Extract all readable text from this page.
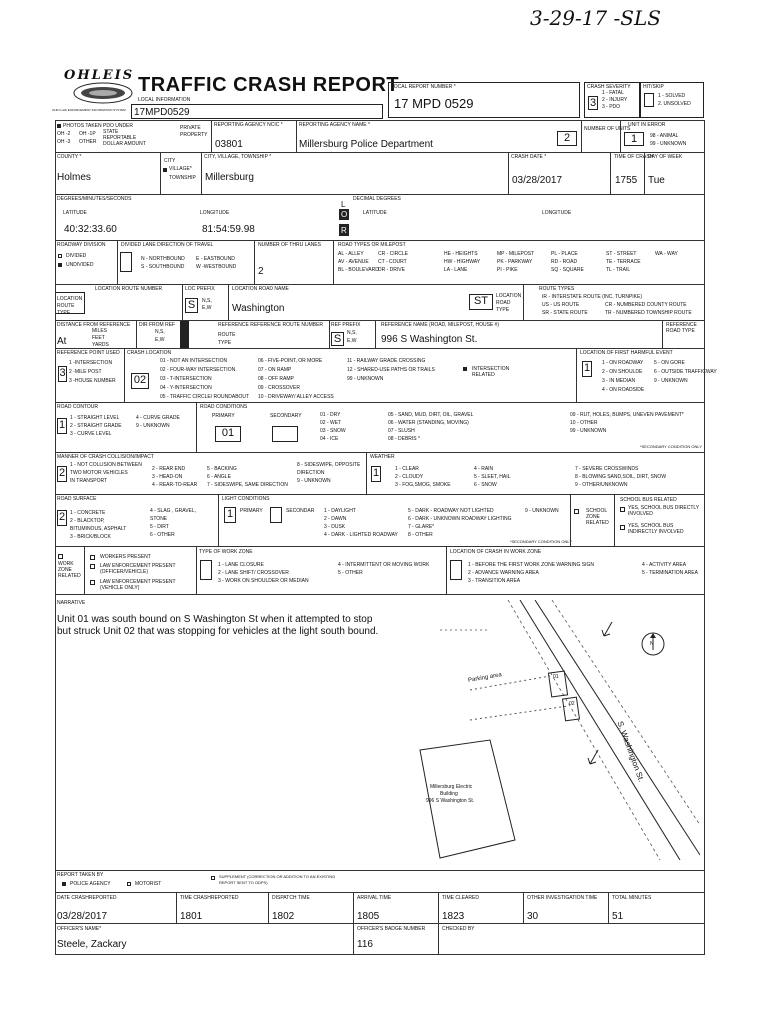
3-29-17 -SLS
OHLEIS
OHIO LAW ENFORCEMENT INFORMATION SYSTEM
TRAFFIC CRASH REPORT
LOCAL INFORMATION
17MPD0529
LOCAL REPORT NUMBER *
17 MPD 0529
CRASH SEVERITY
3
1 - FATAL
2 - INJURY
3 - PDO
HIT/SKIP
1 - SOLVED
2. UNSOLVED
PHOTOS TAKEN
OH -2 OH -1P
OH -3 OTHER
PDO UNDER
STATE
REPORTABLE
DOLLAR AMOUNT
PRIVATE
PROPERTY
REPORTING AGENCY NCIC *
03801
REPORTING AGENCY NAME *
Millersburg Police Department
2
NUMBER OF UNITS
UNIT IN ERROR
1	98 - ANIMAL
99 - UNKNOWN
COUNTY *
Holmes
CITY
VILLAGE*
TOWNSHIP
CITY, VILLAGE, TOWNSHIP *
Millersburg
CRASH DATE *
03/28/2017
TIME OF CRASH
1755
DAY OF WEEK
Tue
DEGREES/MINUTES/SECONDS
LATITUDE
40:32:33.60
LONGITUDE
81:54:59.98
L
O
R
DECIMAL DEGREES
LATITUDE	LONGITUDE
ROADWAY DIVISION
DIVIDED
UNDIVIDED
DIVIDED LANE DIRECTION OF TRAVEL
N - NORTHBOUND
S - SOUTHBOUND
E - EASTBOUND
W -WESTBOUND
NUMBER OF THRU LANES
2
ROAD TYPES OR MILEPOST
AL - ALLEY
AV - AVENUE
BL - BOULEVARD
CR - CIRCLE
CT - COURT
DR - DRIVE
HE - HEIGHTS
HW - HIGHWAY
LA - LANE
MP - MILEPOST
PK - PARKWAY
PI - PIKE
PL - PLACE
RD - ROAD
SQ - SQUARE
ST - STREET
TE - TERRACE
TL - TRAIL
WA - WAY
LOCATION
ROUTE
TYPE
LOCATION ROUTE NUMBER	LOC PREFIX
S	N,S,
E,W
LOCATION ROAD NAME
Washington
ST	LOCATION
ROAD
TYPE
ROUTE TYPES
IR - INTERSTATE ROUTE (INC. TURNPIKE)
US - US ROUTE
SR - STATE ROUTE
CR - NUMBERED COUNTY ROUTE
TR - NUMBERED TOWNSHIP ROUTE
DISTANCE FROM REFERENCE
MILES
FEET
YARDS
At
DIR FROM REF
N,S,
E,W
REFERENCE REFERENCE ROUTE NUMBER
ROUTE
TYPE
REF PREFIX
S	N,S,
E,W
REFERENCE NAME (ROAD, MILEPOST, HOUSE #)
996 S Washington St.
REFERENCE ROAD TYPE
REFERENCE POINT USED
3
1 -INTERSECTION
2 -MILE POST
3 -HOUSE NUMBER
CRASH LOCATION
02
01 - NOT AN INTERSECTION
02 - FOUR-WAY INTERSECTION
03 - T-INTERSECTION
04 - Y-INTERSECTION
05 - TRAFFIC CIRCLE/ ROUNDABOUT
06 - FIVE-POINT, OR MORE
07 - ON RAMP
08 - OFF RAMP
09 - CROSSOVER
10 - DRIVEWAY/ ALLEY ACCESS
11 - RAILWAY GRADE CROSSING
12 - SHARED-USE PATHS OR TRAILS
99 - UNKNOWN
INTERSECTION RELATED
LOCATION OF FIRST HARMFUL EVENT
1	1 - ON ROADWAY
2 - ON SHOULDE
3 - IN MEDIAN
4 - ON ROADSIDE
5 - ON GORE
6 - OUTSIDE TRAFFICWAY
9 - UNKNOWN
ROAD CONTOUR
1
1 - STRAIGHT LEVEL
2 - STRAIGHT GRADE
3 - CURVE LEVEL
4 - CURVE GRADE
9 - UNKNOWN
ROAD CONDITIONS
PRIMARY
01
SECONDARY	01 - DRY
02 - WET
03 - SNOW
04 - ICE
05 - SAND, MUD, DIRT, OIL, GRAVEL
06 - WATER (STANDING, MOVING)
07 - SLUSH
08 - DEBRIS *
09 - RUT, HOLES, BUMPS, UNEVEN PAVEMENT*
10 - OTHER
99 - UNKNOWN
*SECONDARY CONDITION ONLY
MANNER OF CRASH COLLISION/IMPACT
2
1 - NOT COLLISION BETWEEN
TWO MOTOR VEHICLES
IN TRANSPORT
2 - REAR END
3 - HEAD-ON
4 - REAR-TO-REAR
5 - BACKING
6 - ANGLE
7 - SIDESWIPE, SAME DIRECTION
8 - SIDESWIPE, OPPOSITE
DIRECTION
9 - UNKNOWN
WEATHER
1	1 - CLEAR
2 - CLOUDY
3 - FOG,SMOG, SMOKE
4 - RAIN
5 - SLEET, HAIL
6 - SNOW
7 - SEVERE CROSSWINDS
8 - BLOWING SAND,SOIL, DIRT, SNOW
9 - OTHER/UNKNOWN
ROAD SURFACE
2 1 - CONCRETE
2 - BLACKTOP,
BITUMINOUS, ASPHALT
3 - BRICK/BLOCK
4 - SLAG , GRAVEL,
STONE
5 - DIRT
6 - OTHER
LIGHT CONDITIONS
1	PRIMARY	SECONDAR 1 - DAYLIGHT
2 - DAWN
3 - DUSK
4 - DARK - LIGHTED ROADWAY
5 - DARK - ROADWAY NOT LIGHTED
6 - DARK - UNKNOWN ROADWAY LIGHTING
7 - GLARE*
8 - OTHER
9 - UNKNOWN
*SECONDARY CONDITION ONLY
SCHOOL ZONE RELATED
SCHOOL BUS RELATED
YES, SCHOOL BUS DIRECTLY INVOLVED
YES, SCHOOL BUS INDIRECTLY INVOLVED
WORK ZONE RELATED
WORKERS PRESENT
LAW ENFORCEMENT PRESENT (OFFICER/VEHICLE)
LAW ENFORCEMENT PRESENT (VEHICLE ONLY)
TYPE OF WORK ZONE
1 - LANE CLOSURE
2 - LANE SHIFT/ CROSSOVER
3 - WORK ON SHOULDER OR MEDIAN
4 - INTERMITTENT OR MOVING WORK
5 - OTHER
1 - BEFORE THE FIRST WORK ZONE WARNING SIGN
2 - ADVANCE WARNING AREA
3 - TRANSITION AREA
4 - ACTIVITY AREA
5 - TERMINATION AREA
LOCATION OF CRASH IN WORK ZONE
NARRATIVE
Unit 01 was south bound on S Washington St when it attempted to stop
but struck Unit 02 that was stopping for vehicles at the light south bound.
Parking area	01
02
S. Washington St.
Millersburg Electric
Building
996 S Washington St.
N
REPORT TAKEN BY
POLICE AGENCY	MOTORIST
SUPPLEMENT (CORRECTION OR ADDITION TO AN EXISTING REPORT SENT TO ODPS)
DATE CRASHREPORTED
03/28/2017
TIME CRASHREPORTED
1801
DISPATCH TIME
1802
ARRIVAL TIME
1805
TIME CLEARED
1823
OTHER INVESTIGATION TIME
30
TOTAL MINUTES
51
OFFICER'S NAME*
Steele, Zackary
OFFICER'S BADGE NUMBER
116
CHECKED BY
